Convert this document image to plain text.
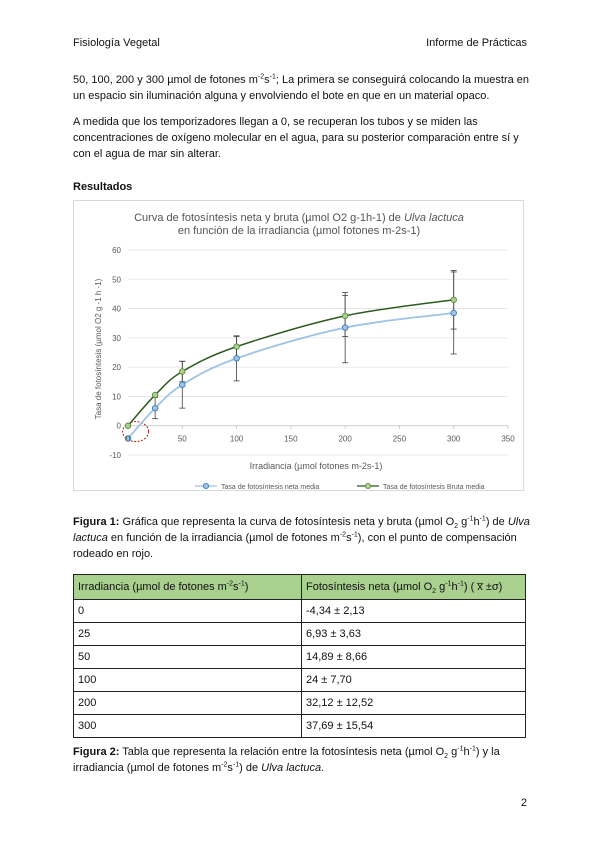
Fisiología Vegetal	Informe de Prácticas

50, 100, 200 y 300 µmol de fotones $m^{-2}s^{-1}$; La primera se conseguirá colocando la muestra en un espacio sin iluminación alguna y envolviendo el bote en que en un material opaco.

A medida que los temporizadores llegan a 0, se recuperan los tubos y se miden las concentraciones de oxígeno molecular en el agua, para su posterior comparación entre sí y con el agua de mar sin alterar.

Resultados
Curva de fotosíntesis neta y bruta (µmol O2 g-1h-1) de Ulva lactuca
en función de la irradiancia (µmol fotones m-2s-1)
-10
0
10
20
30
40
50
60
0	50	100	150	200	250	300	350
Irradiancia (µmol fotones m-2s-1)
Tasa de fotosíntesis (µmol O2 g -1 h -1)
Tasa de fotosíntesis neta media	Tasa de fotosíntesis Bruta media

Figura 1: Gráfica que representa la curva de fotosíntesis neta y bruta (µmol $O_2$ $g^{-1}h^{-1}$) de Ulva lactuca en función de la irradiancia (µmol de fotones $m^{-2}s^{-1}$), con el punto de compensación rodeado en rojo.

Irradiancia (µmol de fotones $m^{-2}s^{-1}$)	Fotosíntesis neta (µmol $O_2$ $g^{-1}h^{-1}$) ( x̅ ±σ)
0	-4,34 ± 2,13
25	6,93 ± 3,63
50	14,89 ± 8,66
100	24 ± 7,70
200	32,12 ± 12,52
300	37,69 ± 15,54

Figura 2: Tabla que representa la relación entre la fotosíntesis neta (µmol $O_2$ $g^{-1}h^{-1}$) y la irradiancia (µmol de fotones $m^{-2}s^{-1}$) de Ulva lactuca.

2
